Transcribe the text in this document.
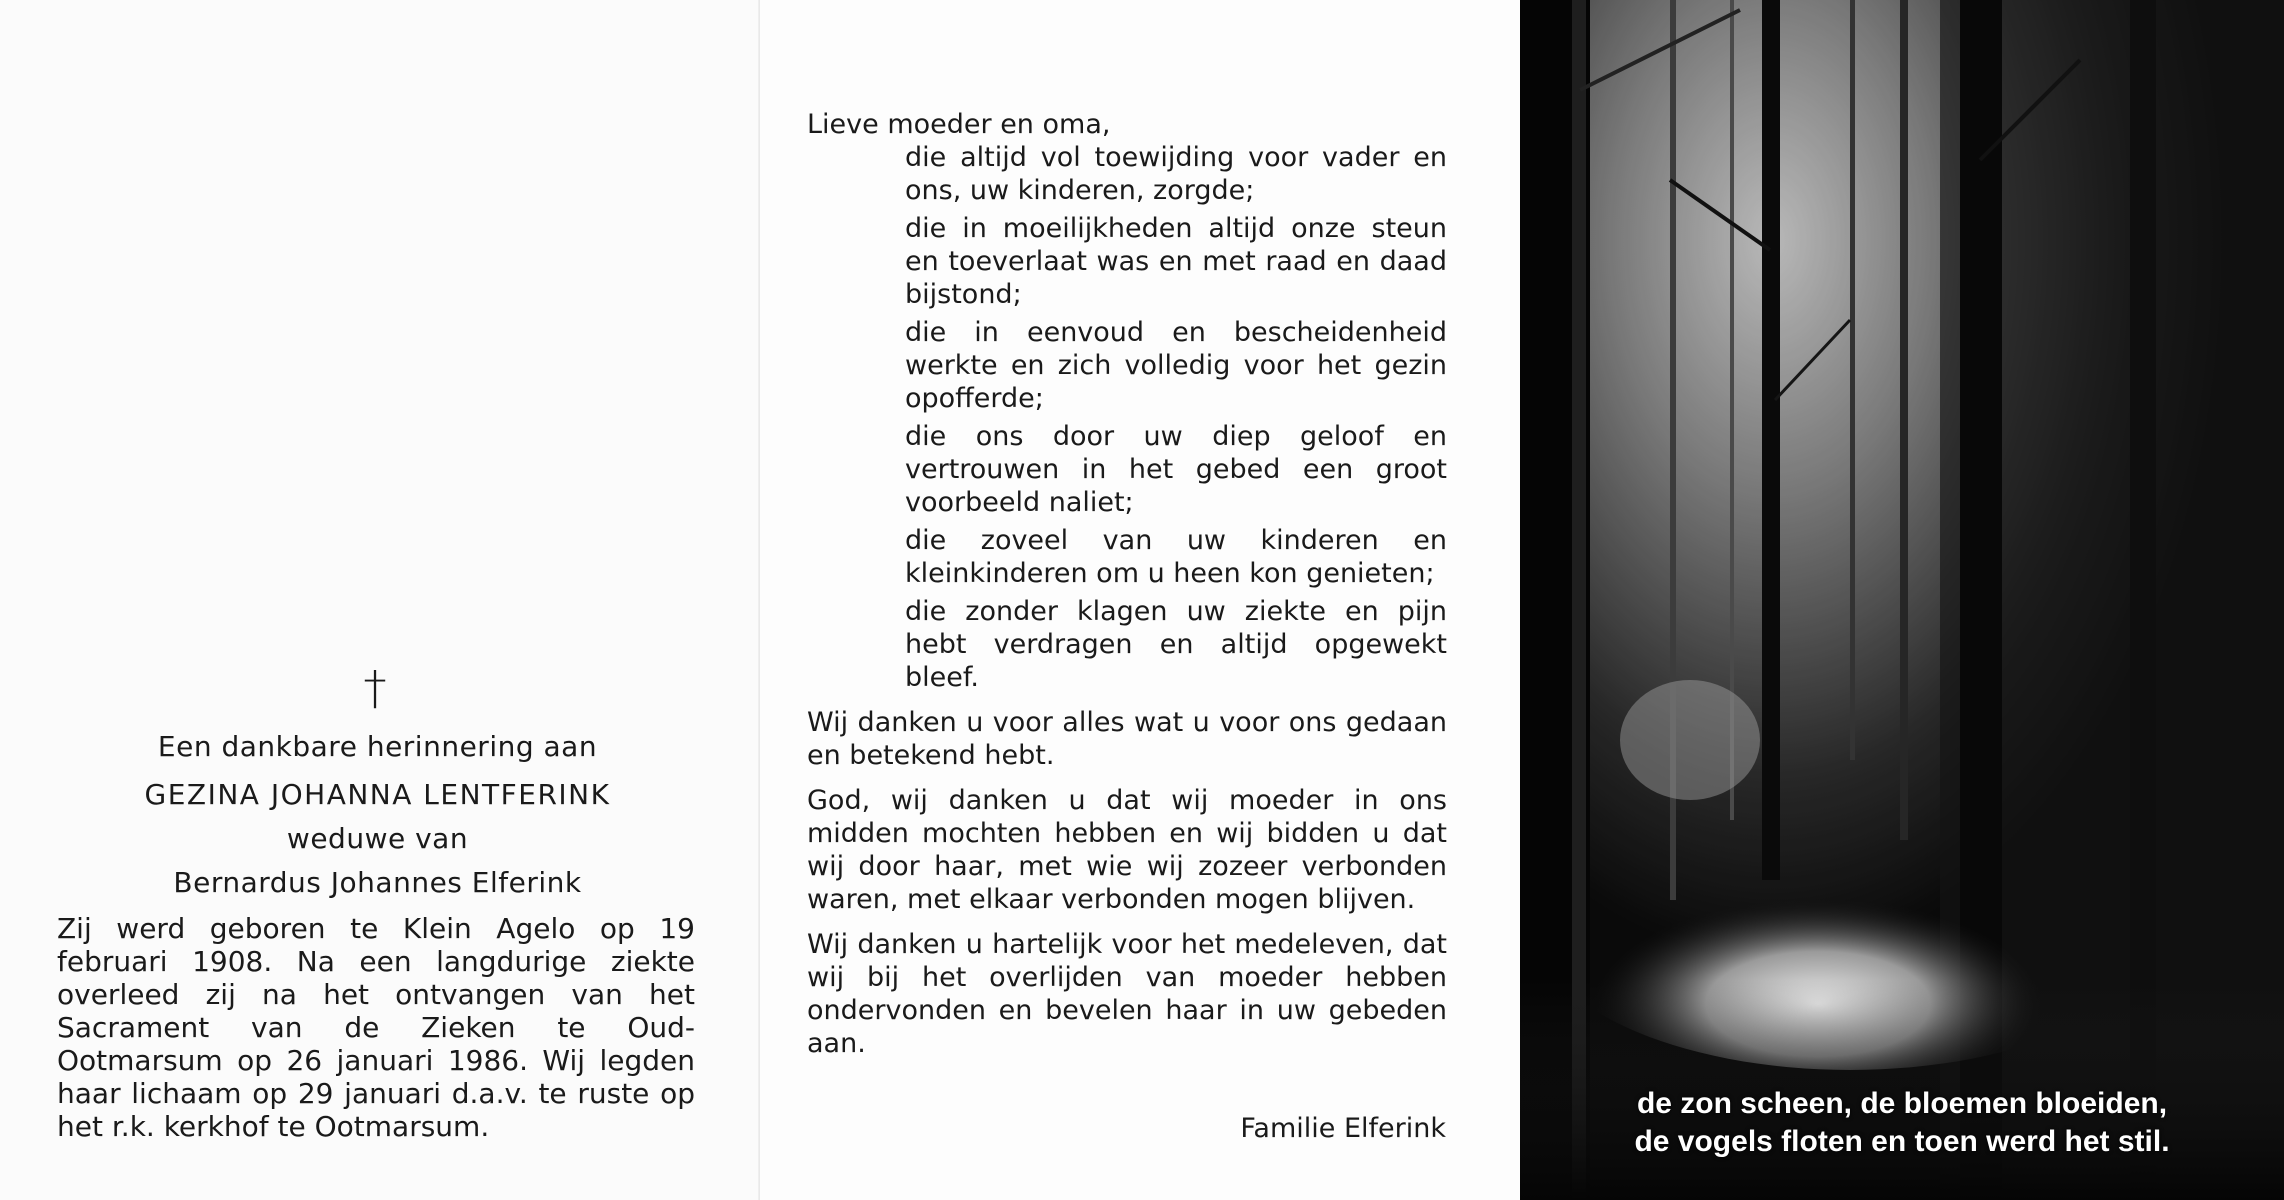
†
Een dankbare herinnering aan
GEZINA JOHANNA LENTFERINK
weduwe van
Bernardus Johannes Elferink

Zij werd geboren te Klein Agelo op 19 februari 1908. Na een langdurige ziekte overleed zij na het ontvangen van het Sacrament van de Zieken te Oud-Ootmarsum op 26 januari 1986. Wij legden haar lichaam op 29 januari d.a.v. te ruste op het r.k. kerkhof te Ootmarsum.

Lieve moeder en oma,

die altijd vol toewijding voor vader en ons, uw kinderen, zorgde;

die in moeilijkheden altijd onze steun en toeverlaat was en met raad en daad bijstond;

die in eenvoud en bescheidenheid werkte en zich volledig voor het gezin opofferde;

die ons door uw diep geloof en vertrouwen in het gebed een groot voorbeeld naliet;

die zoveel van uw kinderen en kleinkinderen om u heen kon genieten;

die zonder klagen uw ziekte en pijn hebt verdragen en altijd opgewekt bleef.

Wij danken u voor alles wat u voor ons gedaan en betekend hebt.

God, wij danken u dat wij moeder in ons midden mochten hebben en wij bidden u dat wij door haar, met wie wij zozeer verbonden waren, met elkaar verbonden mogen blijven.

Wij danken u hartelijk voor het medeleven, dat wij bij het overlijden van moeder hebben ondervonden en bevelen haar in uw gebeden aan.

Familie Elferink
de zon scheen, de bloemen bloeiden,
de vogels floten en toen werd het stil.
